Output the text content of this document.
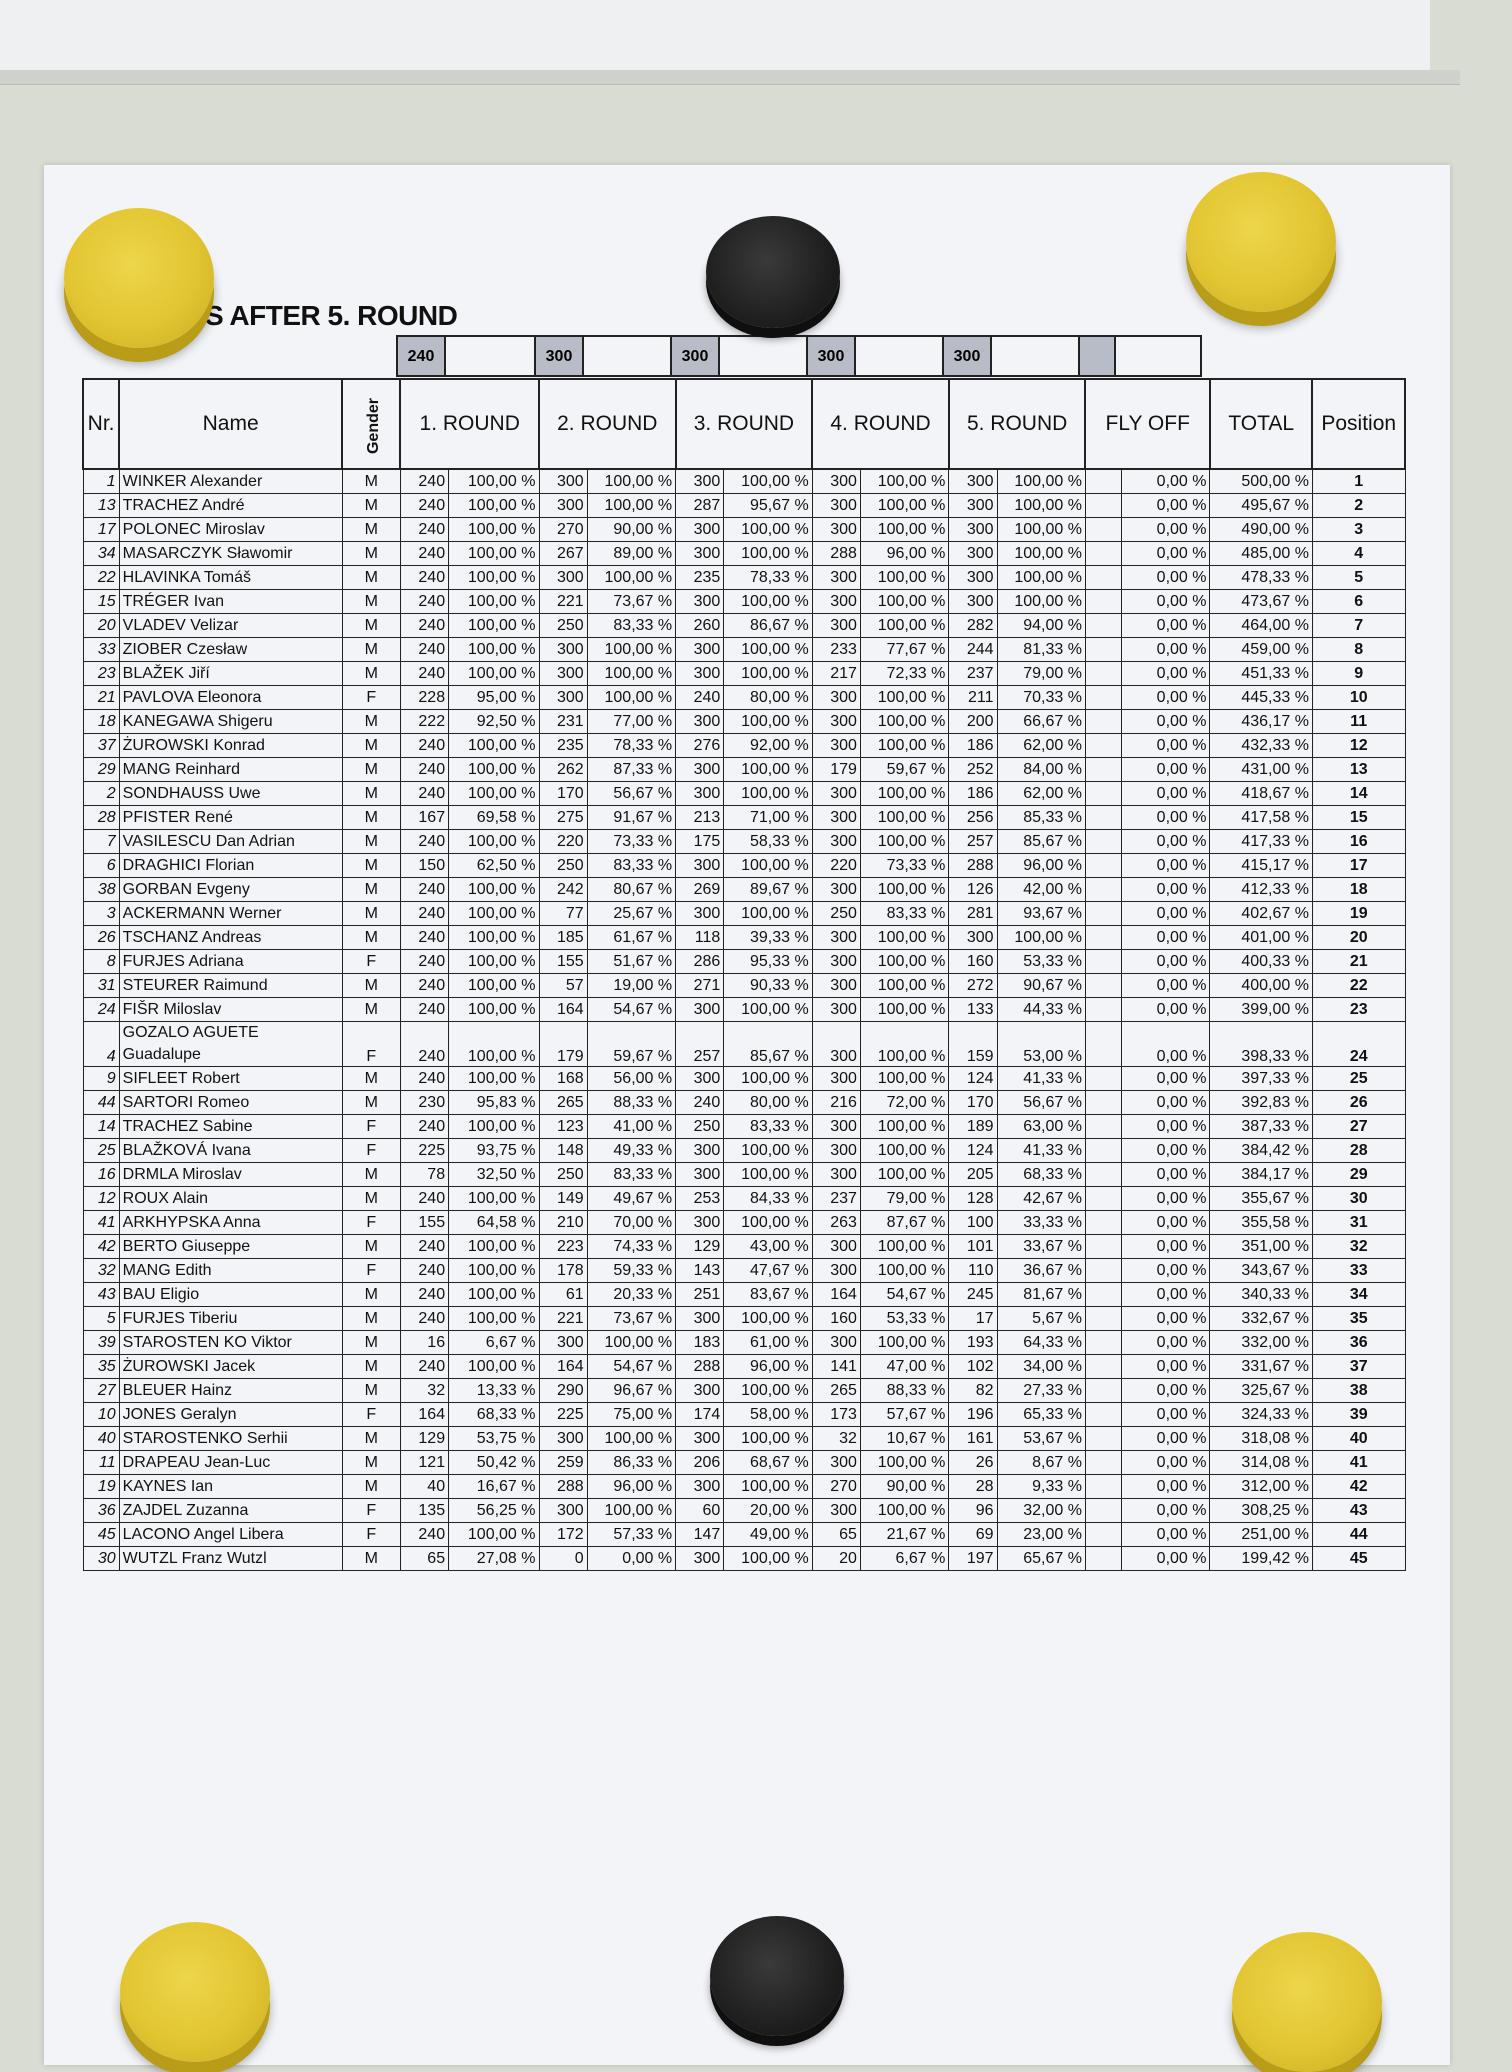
S AFTER 5. ROUND
240	300	300	300	300
Nr.	Name	Gender	1. ROUND		2. ROUND		3. ROUND		4. ROUND		5. ROUND		FLY OFF		TOTAL	Position
1	WINKER Alexander	M	240	100,00 %	300	100,00 %	300	100,00 %	300	100,00 %	300	100,00 %		0,00 %	500,00 %	1
13	TRACHEZ André	M	240	100,00 %	300	100,00 %	287	95,67 %	300	100,00 %	300	100,00 %		0,00 %	495,67 %	2
17	POLONEC Miroslav	M	240	100,00 %	270	90,00 %	300	100,00 %	300	100,00 %	300	100,00 %		0,00 %	490,00 %	3
34	MASARCZYK Sławomir	M	240	100,00 %	267	89,00 %	300	100,00 %	288	96,00 %	300	100,00 %		0,00 %	485,00 %	4
22	HLAVINKA Tomáš	M	240	100,00 %	300	100,00 %	235	78,33 %	300	100,00 %	300	100,00 %		0,00 %	478,33 %	5
15	TRÉGER Ivan	M	240	100,00 %	221	73,67 %	300	100,00 %	300	100,00 %	300	100,00 %		0,00 %	473,67 %	6
20	VLADEV Velizar	M	240	100,00 %	250	83,33 %	260	86,67 %	300	100,00 %	282	94,00 %		0,00 %	464,00 %	7
33	ZIOBER Czesław	M	240	100,00 %	300	100,00 %	300	100,00 %	233	77,67 %	244	81,33 %		0,00 %	459,00 %	8
23	BLAŽEK Jiří	M	240	100,00 %	300	100,00 %	300	100,00 %	217	72,33 %	237	79,00 %		0,00 %	451,33 %	9
21	PAVLOVA Eleonora	F	228	95,00 %	300	100,00 %	240	80,00 %	300	100,00 %	211	70,33 %		0,00 %	445,33 %	10
18	KANEGAWA Shigeru	M	222	92,50 %	231	77,00 %	300	100,00 %	300	100,00 %	200	66,67 %		0,00 %	436,17 %	11
37	ŻUROWSKI Konrad	M	240	100,00 %	235	78,33 %	276	92,00 %	300	100,00 %	186	62,00 %		0,00 %	432,33 %	12
29	MANG Reinhard	M	240	100,00 %	262	87,33 %	300	100,00 %	179	59,67 %	252	84,00 %		0,00 %	431,00 %	13
2	SONDHAUSS Uwe	M	240	100,00 %	170	56,67 %	300	100,00 %	300	100,00 %	186	62,00 %		0,00 %	418,67 %	14
28	PFISTER René	M	167	69,58 %	275	91,67 %	213	71,00 %	300	100,00 %	256	85,33 %		0,00 %	417,58 %	15
7	VASILESCU Dan Adrian	M	240	100,00 %	220	73,33 %	175	58,33 %	300	100,00 %	257	85,67 %		0,00 %	417,33 %	16
6	DRAGHICI Florian	M	150	62,50 %	250	83,33 %	300	100,00 %	220	73,33 %	288	96,00 %		0,00 %	415,17 %	17
38	GORBAN Evgeny	M	240	100,00 %	242	80,67 %	269	89,67 %	300	100,00 %	126	42,00 %		0,00 %	412,33 %	18
3	ACKERMANN Werner	M	240	100,00 %	77	25,67 %	300	100,00 %	250	83,33 %	281	93,67 %		0,00 %	402,67 %	19
26	TSCHANZ Andreas	M	240	100,00 %	185	61,67 %	118	39,33 %	300	100,00 %	300	100,00 %		0,00 %	401,00 %	20
8	FURJES Adriana	F	240	100,00 %	155	51,67 %	286	95,33 %	300	100,00 %	160	53,33 %		0,00 %	400,33 %	21
31	STEURER Raimund	M	240	100,00 %	57	19,00 %	271	90,33 %	300	100,00 %	272	90,67 %		0,00 %	400,00 %	22
24	FIŠR Miloslav	M	240	100,00 %	164	54,67 %	300	100,00 %	300	100,00 %	133	44,33 %		0,00 %	399,00 %	23
4	GOZALO AGUETE Guadalupe	F	240	100,00 %	179	59,67 %	257	85,67 %	300	100,00 %	159	53,00 %		0,00 %	398,33 %	24
9	SIFLEET Robert	M	240	100,00 %	168	56,00 %	300	100,00 %	300	100,00 %	124	41,33 %		0,00 %	397,33 %	25
44	SARTORI Romeo	M	230	95,83 %	265	88,33 %	240	80,00 %	216	72,00 %	170	56,67 %		0,00 %	392,83 %	26
14	TRACHEZ Sabine	F	240	100,00 %	123	41,00 %	250	83,33 %	300	100,00 %	189	63,00 %		0,00 %	387,33 %	27
25	BLAŽKOVÁ Ivana	F	225	93,75 %	148	49,33 %	300	100,00 %	300	100,00 %	124	41,33 %		0,00 %	384,42 %	28
16	DRMLA Miroslav	M	78	32,50 %	250	83,33 %	300	100,00 %	300	100,00 %	205	68,33 %		0,00 %	384,17 %	29
12	ROUX Alain	M	240	100,00 %	149	49,67 %	253	84,33 %	237	79,00 %	128	42,67 %		0,00 %	355,67 %	30
41	ARKHYPSKA Anna	F	155	64,58 %	210	70,00 %	300	100,00 %	263	87,67 %	100	33,33 %		0,00 %	355,58 %	31
42	BERTO Giuseppe	M	240	100,00 %	223	74,33 %	129	43,00 %	300	100,00 %	101	33,67 %		0,00 %	351,00 %	32
32	MANG Edith	F	240	100,00 %	178	59,33 %	143	47,67 %	300	100,00 %	110	36,67 %		0,00 %	343,67 %	33
43	BAU Eligio	M	240	100,00 %	61	20,33 %	251	83,67 %	164	54,67 %	245	81,67 %		0,00 %	340,33 %	34
5	FURJES Tiberiu	M	240	100,00 %	221	73,67 %	300	100,00 %	160	53,33 %	17	5,67 %		0,00 %	332,67 %	35
39	STAROSTEN KO Viktor	M	16	6,67 %	300	100,00 %	183	61,00 %	300	100,00 %	193	64,33 %		0,00 %	332,00 %	36
35	ŻUROWSKI Jacek	M	240	100,00 %	164	54,67 %	288	96,00 %	141	47,00 %	102	34,00 %		0,00 %	331,67 %	37
27	BLEUER Hainz	M	32	13,33 %	290	96,67 %	300	100,00 %	265	88,33 %	82	27,33 %		0,00 %	325,67 %	38
10	JONES Geralyn	F	164	68,33 %	225	75,00 %	174	58,00 %	173	57,67 %	196	65,33 %		0,00 %	324,33 %	39
40	STAROSTENKO Serhii	M	129	53,75 %	300	100,00 %	300	100,00 %	32	10,67 %	161	53,67 %		0,00 %	318,08 %	40
11	DRAPEAU Jean-Luc	M	121	50,42 %	259	86,33 %	206	68,67 %	300	100,00 %	26	8,67 %		0,00 %	314,08 %	41
19	KAYNES Ian	M	40	16,67 %	288	96,00 %	300	100,00 %	270	90,00 %	28	9,33 %		0,00 %	312,00 %	42
36	ZAJDEL Zuzanna	F	135	56,25 %	300	100,00 %	60	20,00 %	300	100,00 %	96	32,00 %		0,00 %	308,25 %	43
45	LACONO Angel Libera	F	240	100,00 %	172	57,33 %	147	49,00 %	65	21,67 %	69	23,00 %		0,00 %	251,00 %	44
30	WUTZL Franz Wutzl	M	65	27,08 %	0	0,00 %	300	100,00 %	20	6,67 %	197	65,67 %		0,00 %	199,42 %	45
